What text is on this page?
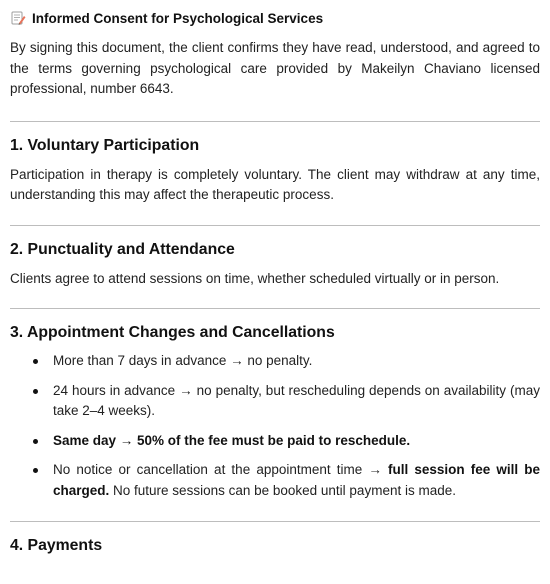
Informed Consent for Psychological Services

By signing this document, the client confirms they have read, understood, and agreed to the terms governing psychological care provided by Makeilyn Chaviano licensed professional, number 6643.

1. Voluntary Participation

Participation in therapy is completely voluntary. The client may withdraw at any time, understanding this may affect the therapeutic process.

2. Punctuality and Attendance

Clients agree to attend sessions on time, whether scheduled virtually or in person.

3. Appointment Changes and Cancellations
More than 7 days in advance → no penalty.
24 hours in advance → no penalty, but rescheduling depends on availability (may take 2–4 weeks).
Same day → 50% of the fee must be paid to reschedule.
No notice or cancellation at the appointment time → full session fee will be charged. No future sessions can be booked until payment is made.
4. Payments
